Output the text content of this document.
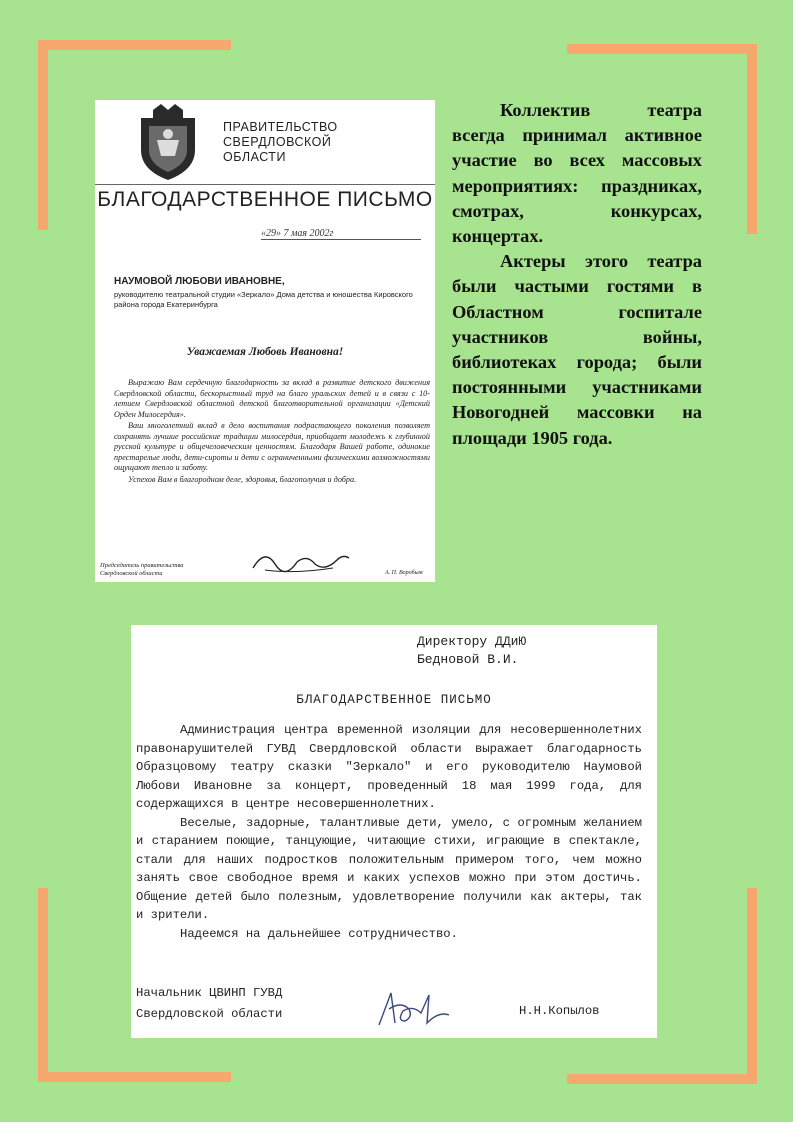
ПРАВИТЕЛЬСТВО
СВЕРДЛОВСКОЙ
ОБЛАСТИ
БЛАГОДАРСТВЕННОЕ ПИСЬМО
«29» 7 мая 2002г
НАУМОВОЙ ЛЮБОВИ ИВАНОВНЕ,
руководителю театральной студии «Зеркало» Дома детства и юношества Кировского района города Екатеринбурга
Уважаемая Любовь Ивановна!

Выражаю Вам сердечную благодарность за вклад в развитие детского движения Свердловской области, бескорыстный труд на благо уральских детей и в связи с 10-летием Свердловской областной детской благотворительной организации «Детский Орден Милосердия».

Ваш многолетний вклад в дело воспитания подрастающего поколения позволяет сохранять лучшие российские традиции милосердия, приобщает молодежь к глубинной русской культуре и общечеловеческим ценностям. Благодаря Вашей работе, одинокие престарелые люди, дети-сироты и дети с ограниченными физическими возможностями ощущают тепло и заботу.

Успехов Вам в благородном деле, здоровья, благополучия и добра.

Председатель правительства
Свердловской области	А. П. Воробьев

Коллектив театра всегда принимал активное участие во всех массовых мероприятиях: праздниках, смотрах, конкурсах, концертах.

Актеры этого театра были частыми гостями в Областном госпитале участников войны, библиотеках города; были постоянными участниками Новогодней массовки на площади 1905 года.

Директору ДДиЮ
Бедновой В.И.
БЛАГОДАРСТВЕННОЕ ПИСЬМО

Администрация центра временной изоляции для несовершеннолетних правонарушителей ГУВД Свердловской области выражает благодарность Образцовому театру сказки "Зеркало" и его руководителю Наумовой Любови Ивановне за концерт, проведенный 18 мая 1999 года, для содержащихся в центре несовершеннолетних.

Веселые, задорные, талантливые дети, умело, с огромным желанием и старанием поющие, танцующие, читающие стихи, играющие в спектакле, стали для наших подростков положительным примером того, чем можно занять свое свободное время и каких успехов можно при этом достичь. Общение детей было полезным, удовлетворение получили как актеры, так и зрители.

Надеемся на дальнейшее сотрудничество.

Начальник ЦВИНП ГУВД
Свердловской области	Н.Н.Копылов
